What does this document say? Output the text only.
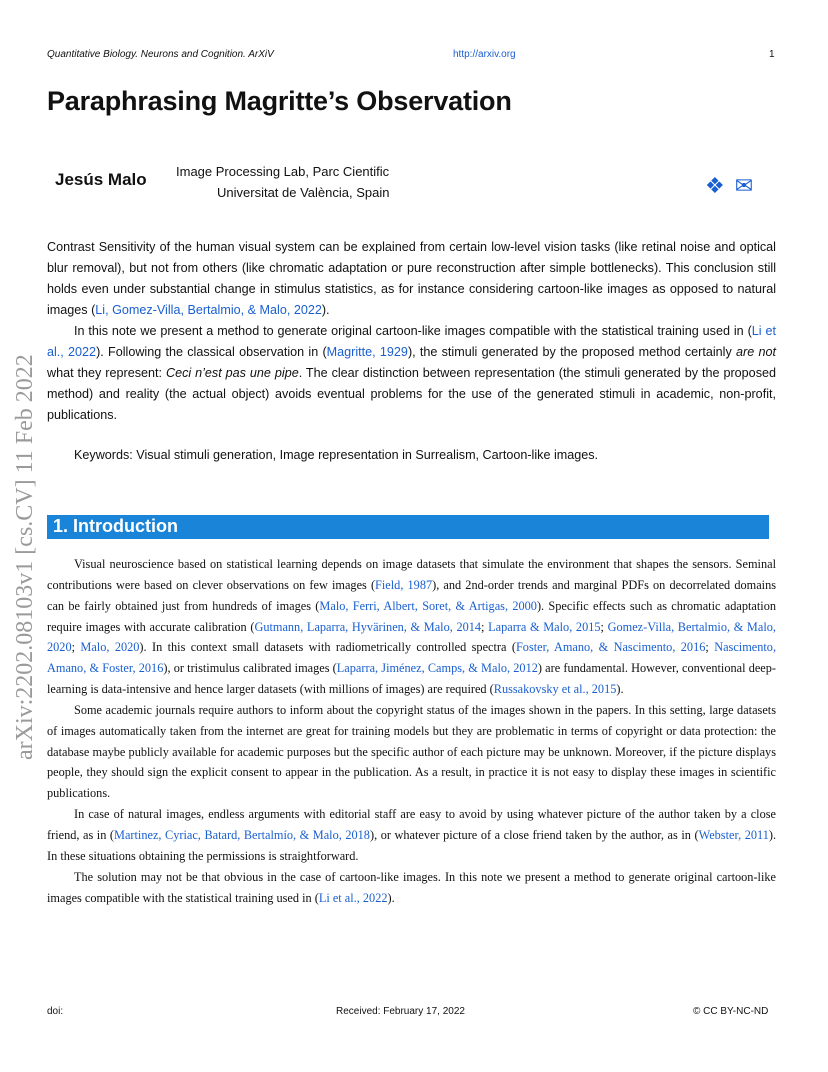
Quantitative Biology. Neurons and Cognition. ArXiV	http://arxiv.org	1
Paraphrasing Magritte’s Observation
Jesús Malo Image Processing Lab, Parc Cientific
Universitat de València, Spain	❖ ✉

Contrast Sensitivity of the human visual system can be explained from certain low-level vision tasks (like retinal noise and optical blur removal), but not from others (like chromatic adaptation or pure reconstruction after simple bottlenecks). This conclusion still holds even under substantial change in stimulus statistics, as for instance considering cartoon-like images as opposed to natural images (Li, Gomez-Villa, Bertalmio, & Malo, 2022).

In this note we present a method to generate original cartoon-like images compatible with the statistical training used in (Li et al., 2022). Following the classical observation in (Magritte, 1929), the stimuli generated by the proposed method certainly are not what they represent: Ceci n’est pas une pipe. The clear distinction between representation (the stimuli generated by the proposed method) and reality (the actual object) avoids eventual problems for the use of the generated stimuli in academic, non-profit, publications.

Keywords: Visual stimuli generation, Image representation in Surrealism, Cartoon-like images.
arXiv:2202.08103v1 [cs.CV] 11 Feb 2022 1. Introduction

Visual neuroscience based on statistical learning depends on image datasets that simulate the environment that shapes the sensors. Seminal contributions were based on clever observations on few images (Field, 1987), and 2nd-order trends and marginal PDFs on decorrelated domains can be fairly obtained just from hundreds of images (Malo, Ferri, Albert, Soret, & Artigas, 2000). Specific effects such as chromatic adaptation require images with accurate calibration (Gutmann, Laparra, Hyvärinen, & Malo, 2014; Laparra & Malo, 2015; Gomez-Villa, Bertalmio, & Malo, 2020; Malo, 2020). In this context small datasets with radiometrically controlled spectra (Foster, Amano, & Nascimento, 2016; Nascimento, Amano, & Foster, 2016), or tristimulus calibrated images (Laparra, Jiménez, Camps, & Malo, 2012) are fundamental. However, conventional deep-learning is data-intensive and hence larger datasets (with millions of images) are required (Russakovsky et al., 2015).

Some academic journals require authors to inform about the copyright status of the images shown in the papers. In this setting, large datasets of images automatically taken from the internet are great for training models but they are problematic in terms of copyright or data protection: the database maybe publicly available for academic purposes but the specific author of each picture may be unknown. Moreover, if the picture displays people, they should sign the explicit consent to appear in the publication. As a result, in practice it is not easy to display these images in scientific publications.

In case of natural images, endless arguments with editorial staff are easy to avoid by using whatever picture of the author taken by a close friend, as in (Martinez, Cyriac, Batard, Bertalmío, & Malo, 2018), or whatever picture of a close friend taken by the author, as in (Webster, 2011). In these situations obtaining the permissions is straightforward.

The solution may not be that obvious in the case of cartoon-like images. In this note we present a method to generate original cartoon-like images compatible with the statistical training used in (Li et al., 2022).

doi:	Received: February 17, 2022	© CC BY-NC-ND
